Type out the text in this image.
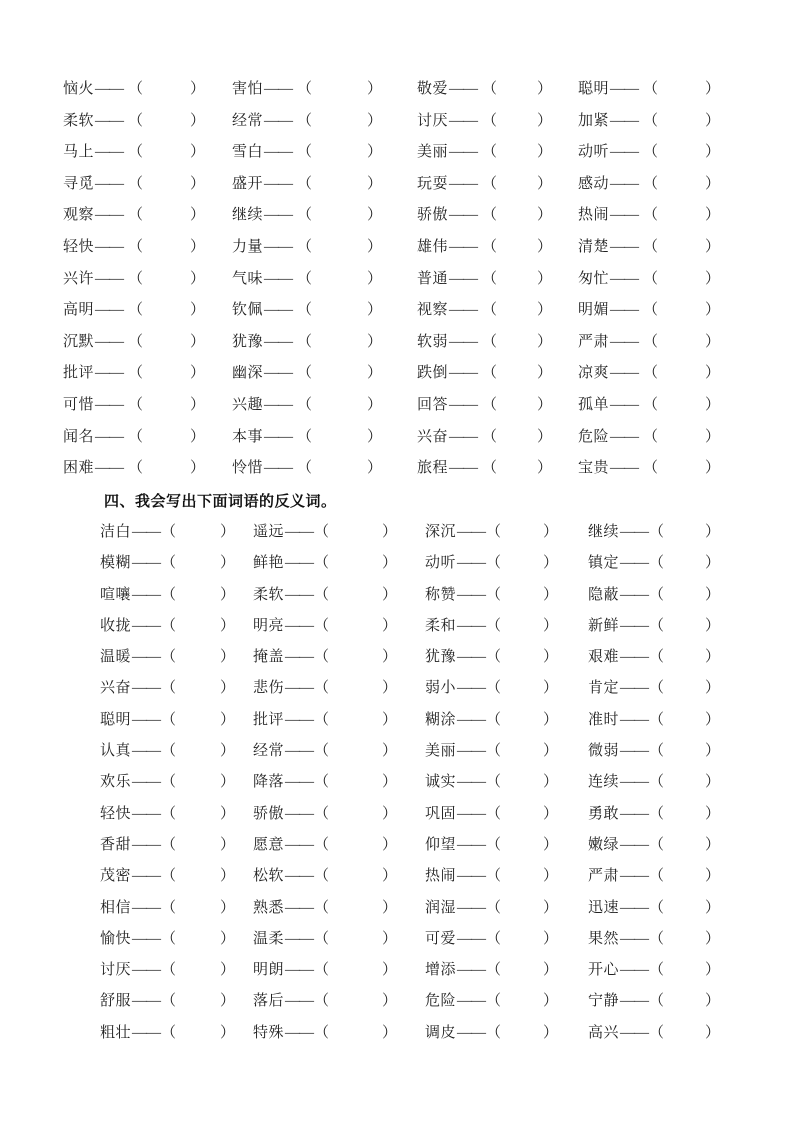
恼火 —— （	） 害怕 —— （	） 敬爱 —— （	） 聪明 —— （	）
柔软 —— （	） 经常 —— （	） 讨厌 —— （	） 加紧 —— （	）
马上 —— （	） 雪白 —— （	） 美丽 —— （	） 动听 —— （	）
寻觅 —— （	） 盛开 —— （	） 玩耍 —— （	） 感动 —— （	）
观察 —— （	） 继续 —— （	） 骄傲 —— （	） 热闹 —— （	）
轻快 —— （	） 力量 —— （	） 雄伟 —— （	） 清楚 —— （	）
兴许 —— （	） 气味 —— （	） 普通 —— （	） 匆忙 —— （	）
高明 —— （	） 钦佩 —— （	） 视察 —— （	） 明媚 —— （	）
沉默 —— （	） 犹豫 —— （	） 软弱 —— （	） 严肃 —— （	）
批评 —— （	） 幽深 —— （	） 跌倒 —— （	） 凉爽 —— （	）
可惜 —— （	） 兴趣 —— （	） 回答 —— （	） 孤单 —— （	）
闻名 —— （	） 本事 —— （	） 兴奋 —— （	） 危险 —— （	）
困难 —— （	） 怜惜 —— （	） 旅程 —— （	） 宝贵 —— （	）
四、我会写出下面词语的反义词。
洁白 —— （	） 遥远 —— （	） 深沉 —— （	） 继续 —— （	）
模糊 —— （	） 鲜艳 —— （	） 动听 —— （	） 镇定 —— （	）
喧嚷 —— （	） 柔软 —— （	） 称赞 —— （	） 隐蔽 —— （	）
收拢 —— （	） 明亮 —— （	） 柔和 —— （	） 新鲜 —— （	）
温暖 —— （	） 掩盖 —— （	） 犹豫 —— （	） 艰难 —— （	）
兴奋 —— （	） 悲伤 —— （	） 弱小 —— （	） 肯定 —— （	）
聪明 —— （	） 批评 —— （	） 糊涂 —— （	） 准时 —— （	）
认真 —— （	） 经常 —— （	） 美丽 —— （	） 微弱 —— （	）
欢乐 —— （	） 降落 —— （	） 诚实 —— （	） 连续 —— （	）
轻快 —— （	） 骄傲 —— （	） 巩固 —— （	） 勇敢 —— （	）
香甜 —— （	） 愿意 —— （	） 仰望 —— （	） 嫩绿 —— （	）
茂密 —— （	） 松软 —— （	） 热闹 —— （	） 严肃 —— （	）
相信 —— （	） 熟悉 —— （	） 润湿 —— （	） 迅速 —— （	）
愉快 —— （	） 温柔 —— （	） 可爱 —— （	） 果然 —— （	）
讨厌 —— （	） 明朗 —— （	） 增添 —— （	） 开心 —— （	）
舒服 —— （	） 落后 —— （	） 危险 —— （	） 宁静 —— （	）
粗壮 —— （	） 特殊 —— （	） 调皮 —— （	） 高兴 —— （	）
